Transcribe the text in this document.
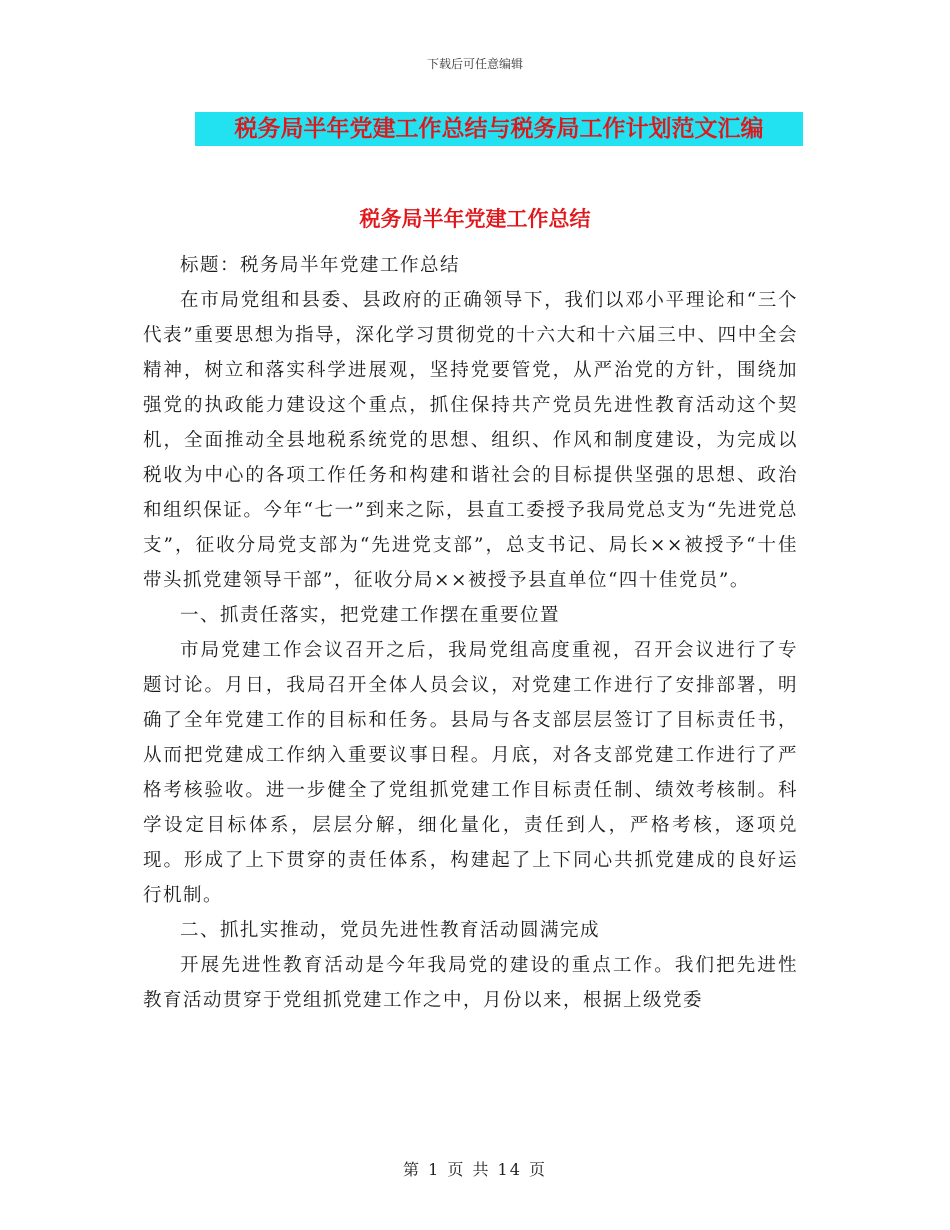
下载后可任意编辑
税务局半年党建工作总结与税务局工作计划范文汇编
税务局半年党建工作总结

标题：税务局半年党建工作总结

在市局党组和县委、县政府的正确领导下，我们以邓小平理论和“三个代表”重要思想为指导，深化学习贯彻党的十六大和十六届三中、四中全会精神，树立和落实科学进展观，坚持党要管党，从严治党的方针，围绕加强党的执政能力建设这个重点，抓住保持共产党员先进性教育活动这个契机，全面推动全县地税系统党的思想、组织、作风和制度建设，为完成以税收为中心的各项工作任务和构建和谐社会的目标提供坚强的思想、政治和组织保证。今年“七一”到来之际，县直工委授予我局党总支为“先进党总支”，征收分局党支部为“先进党支部”，总支书记、局长××被授予“十佳带头抓党建领导干部”，征收分局××被授予县直单位“四十佳党员”。

一、抓责任落实，把党建工作摆在重要位置

市局党建工作会议召开之后，我局党组高度重视，召开会议进行了专题讨论。月日，我局召开全体人员会议，对党建工作进行了安排部署，明确了全年党建工作的目标和任务。县局与各支部层层签订了目标责任书，从而把党建成工作纳入重要议事日程。月底，对各支部党建工作进行了严格考核验收。进一步健全了党组抓党建工作目标责任制、绩效考核制。科学设定目标体系，层层分解，细化量化，责任到人，严格考核，逐项兑现。形成了上下贯穿的责任体系，构建起了上下同心共抓党建成的良好运行机制。

二、抓扎实推动，党员先进性教育活动圆满完成

开展先进性教育活动是今年我局党的建设的重点工作。我们把先进性教育活动贯穿于党组抓党建工作之中，月份以来，根据上级党委

第 1 页 共 14 页
